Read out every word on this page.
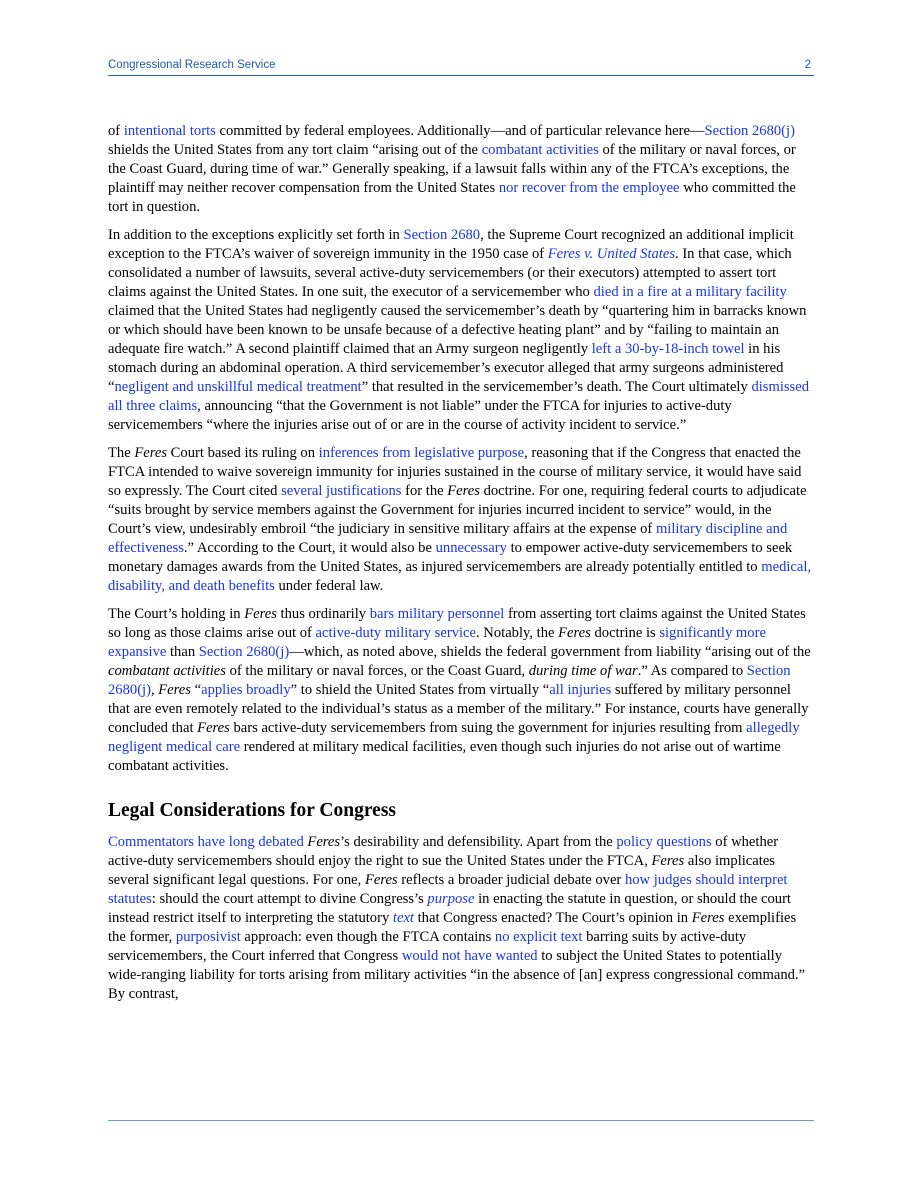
Congressional Research Service	2

of intentional torts committed by federal employees. Additionally—and of particular relevance here—Section 2680(j) shields the United States from any tort claim “arising out of the combatant activities of the military or naval forces, or the Coast Guard, during time of war.” Generally speaking, if a lawsuit falls within any of the FTCA’s exceptions, the plaintiff may neither recover compensation from the United States nor recover from the employee who committed the tort in question.

In addition to the exceptions explicitly set forth in Section 2680, the Supreme Court recognized an additional implicit exception to the FTCA’s waiver of sovereign immunity in the 1950 case of Feres v. United States. In that case, which consolidated a number of lawsuits, several active-duty servicemembers (or their executors) attempted to assert tort claims against the United States. In one suit, the executor of a servicemember who died in a fire at a military facility claimed that the United States had negligently caused the servicemember’s death by “quartering him in barracks known or which should have been known to be unsafe because of a defective heating plant” and by “failing to maintain an adequate fire watch.” A second plaintiff claimed that an Army surgeon negligently left a 30-by-18-inch towel in his stomach during an abdominal operation. A third servicemember’s executor alleged that army surgeons administered “negligent and unskillful medical treatment” that resulted in the servicemember’s death. The Court ultimately dismissed all three claims, announcing “that the Government is not liable” under the FTCA for injuries to active-duty servicemembers “where the injuries arise out of or are in the course of activity incident to service.”

The Feres Court based its ruling on inferences from legislative purpose, reasoning that if the Congress that enacted the FTCA intended to waive sovereign immunity for injuries sustained in the course of military service, it would have said so expressly. The Court cited several justifications for the Feres doctrine. For one, requiring federal courts to adjudicate “suits brought by service members against the Government for injuries incurred incident to service” would, in the Court’s view, undesirably embroil “the judiciary in sensitive military affairs at the expense of military discipline and effectiveness.” According to the Court, it would also be unnecessary to empower active-duty servicemembers to seek monetary damages awards from the United States, as injured servicemembers are already potentially entitled to medical, disability, and death benefits under federal law.

The Court’s holding in Feres thus ordinarily bars military personnel from asserting tort claims against the United States so long as those claims arise out of active-duty military service. Notably, the Feres doctrine is significantly more expansive than Section 2680(j)—which, as noted above, shields the federal government from liability “arising out of the combatant activities of the military or naval forces, or the Coast Guard, during time of war.” As compared to Section 2680(j), Feres “applies broadly” to shield the United States from virtually “all injuries suffered by military personnel that are even remotely related to the individual’s status as a member of the military.” For instance, courts have generally concluded that Feres bars active-duty servicemembers from suing the government for injuries resulting from allegedly negligent medical care rendered at military medical facilities, even though such injuries do not arise out of wartime combatant activities.

Legal Considerations for Congress

Commentators have long debated Feres’s desirability and defensibility. Apart from the policy questions of whether active-duty servicemembers should enjoy the right to sue the United States under the FTCA, Feres also implicates several significant legal questions. For one, Feres reflects a broader judicial debate over how judges should interpret statutes: should the court attempt to divine Congress’s purpose in enacting the statute in question, or should the court instead restrict itself to interpreting the statutory text that Congress enacted? The Court’s opinion in Feres exemplifies the former, purposivist approach: even though the FTCA contains no explicit text barring suits by active-duty servicemembers, the Court inferred that Congress would not have wanted to subject the United States to potentially wide-ranging liability for torts arising from military activities “in the absence of [an] express congressional command.” By contrast,
